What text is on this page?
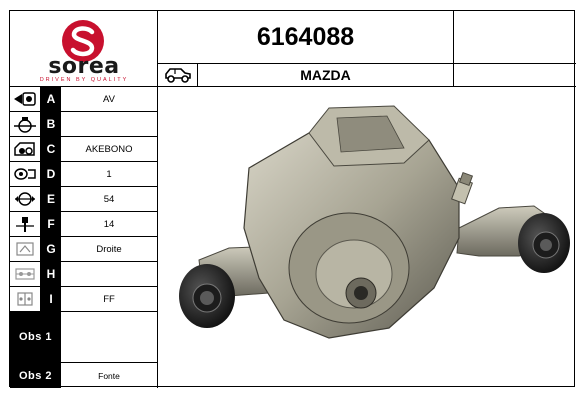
sorea
DRIVEN BY QUALITY
6164088
MAZDA
A	AV
B
C	AKEBONO
D	1
E	54
F	14
G	Droite
H
I	FF
Obs 1
Obs 2	Fonte
